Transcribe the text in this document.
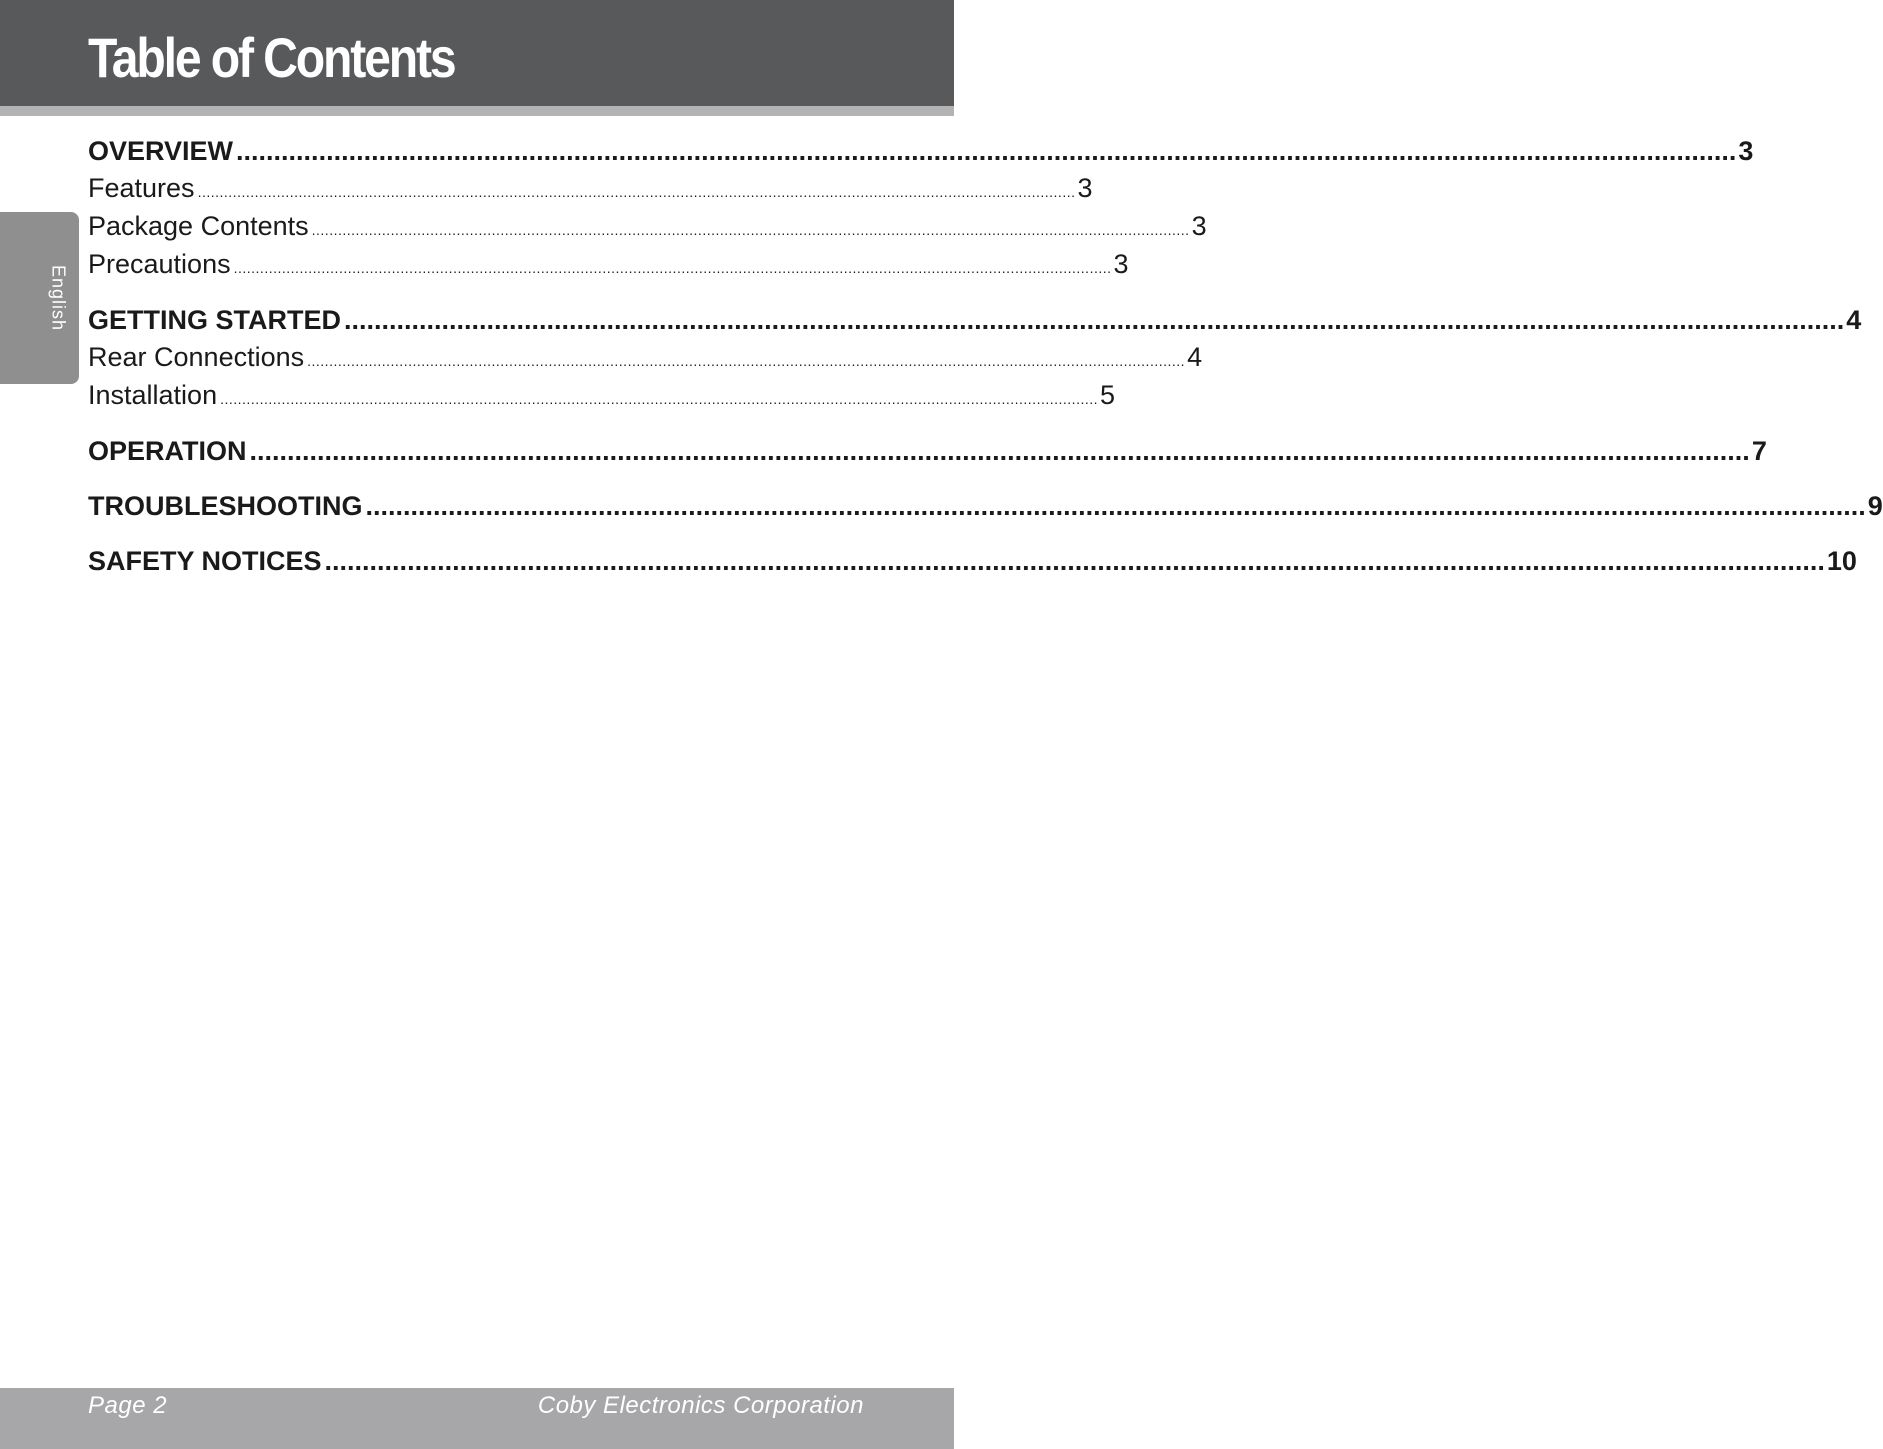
Table of Contents
English
OVERVIEW ........................................................................................................................................................................................................ 3
Features ........................................................................................................................................................................................................ 3
Package Contents ........................................................................................................................................................................................................ 3
Precautions ........................................................................................................................................................................................................ 3
GETTING STARTED ........................................................................................................................................................................................................ 4
Rear Connections ........................................................................................................................................................................................................ 4
Installation ........................................................................................................................................................................................................ 5
OPERATION ........................................................................................................................................................................................................ 7
TROUBLESHOOTING ........................................................................................................................................................................................................ 9
SAFETY NOTICES ........................................................................................................................................................................................................ 10
Page 2	Coby Electronics Corporation
